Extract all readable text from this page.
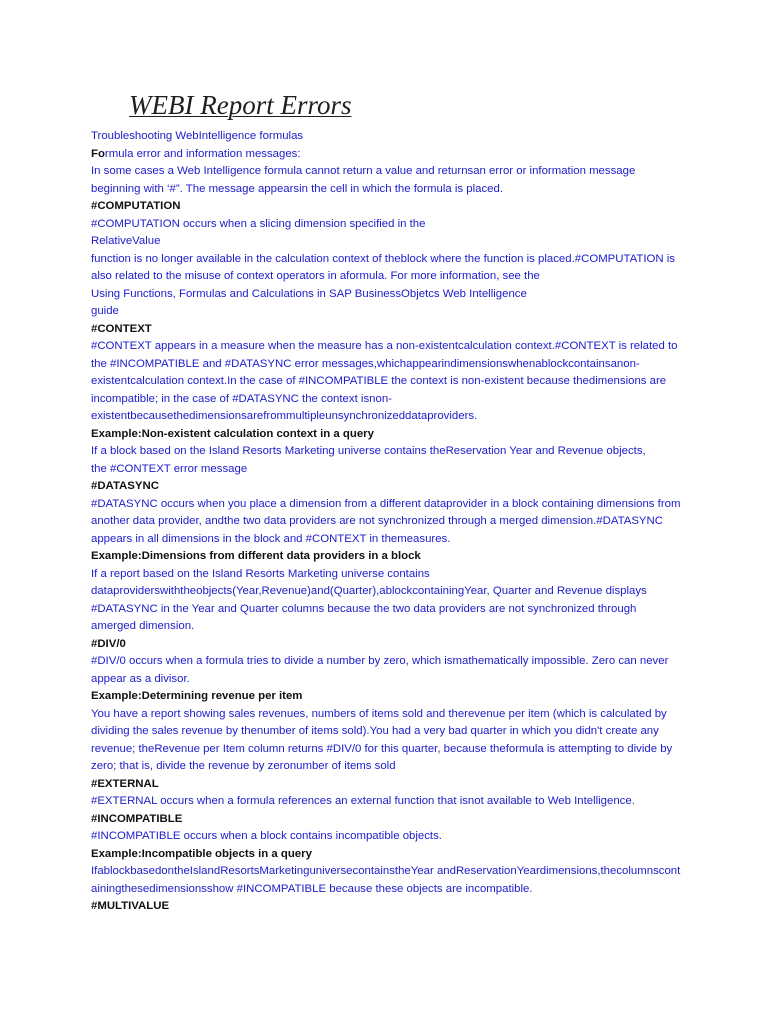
WEBI Report Errors
Troubleshooting WebIntelligence formulas
Formula error and information messages:
In some cases a Web Intelligence formula cannot return a value and returnsan error or information message
beginning with ‘#”. The message appearsin the cell in which the formula is placed.
#COMPUTATION
#COMPUTATION occurs when a slicing dimension specified in the
RelativeValue
function is no longer available in the calculation context of theblock where the function is placed.#COMPUTATION is
also related to the misuse of context operators in aformula. For more information, see the
Using Functions, Formulas and Calculations in SAP BusinessObjetcs Web Intelligence
guide
#CONTEXT
#CONTEXT appears in a measure when the measure has a non-existentcalculation context.#CONTEXT is related to
the #INCOMPATIBLE and #DATASYNC error messages,whichappearindimensionswhenablockcontainsanon-
existentcalculation context.In the case of #INCOMPATIBLE the context is non-existent because thedimensions are
incompatible; in the case of #DATASYNC the context isnon-
existentbecausethedimensionsarefrommultipleunsynchronizeddataproviders.
Example:Non-existent calculation context in a query
If a block based on the Island Resorts Marketing universe contains theReservation Year and Revenue objects,
the #CONTEXT error message
#DATASYNC
#DATASYNC occurs when you place a dimension from a different dataprovider in a block containing dimensions from
another data provider, andthe two data providers are not synchronized through a merged dimension.#DATASYNC
appears in all dimensions in the block and #CONTEXT in themeasures.
Example:Dimensions from different data providers in a block
If a report based on the Island Resorts Marketing universe contains
dataproviderswiththeobjects(Year,Revenue)and(Quarter),ablockcontainingYear, Quarter and Revenue displays
#DATASYNC in the Year and Quarter columns because the two data providers are not synchronized through
amerged dimension.
#DIV/0
#DIV/0 occurs when a formula tries to divide a number by zero, which ismathematically impossible. Zero can never
appear as a divisor.
Example:Determining revenue per item
You have a report showing sales revenues, numbers of items sold and therevenue per item (which is calculated by
dividing the sales revenue by thenumber of items sold).You had a very bad quarter in which you didn't create any
revenue; theRevenue per Item column returns #DIV/0 for this quarter, because theformula is attempting to divide by
zero; that is, divide the revenue by zeronumber of items sold
#EXTERNAL
#EXTERNAL occurs when a formula references an external function that isnot available to Web Intelligence.
#INCOMPATIBLE
#INCOMPATIBLE occurs when a block contains incompatible objects.
Example:Incompatible objects in a query
IfablockbasedontheIslandResortsMarketinguniversecontainstheYear andReservationYeardimensions,thecolumnscont
ainingthesedimensionsshow #INCOMPATIBLE because these objects are incompatible.
#MULTIVALUE
